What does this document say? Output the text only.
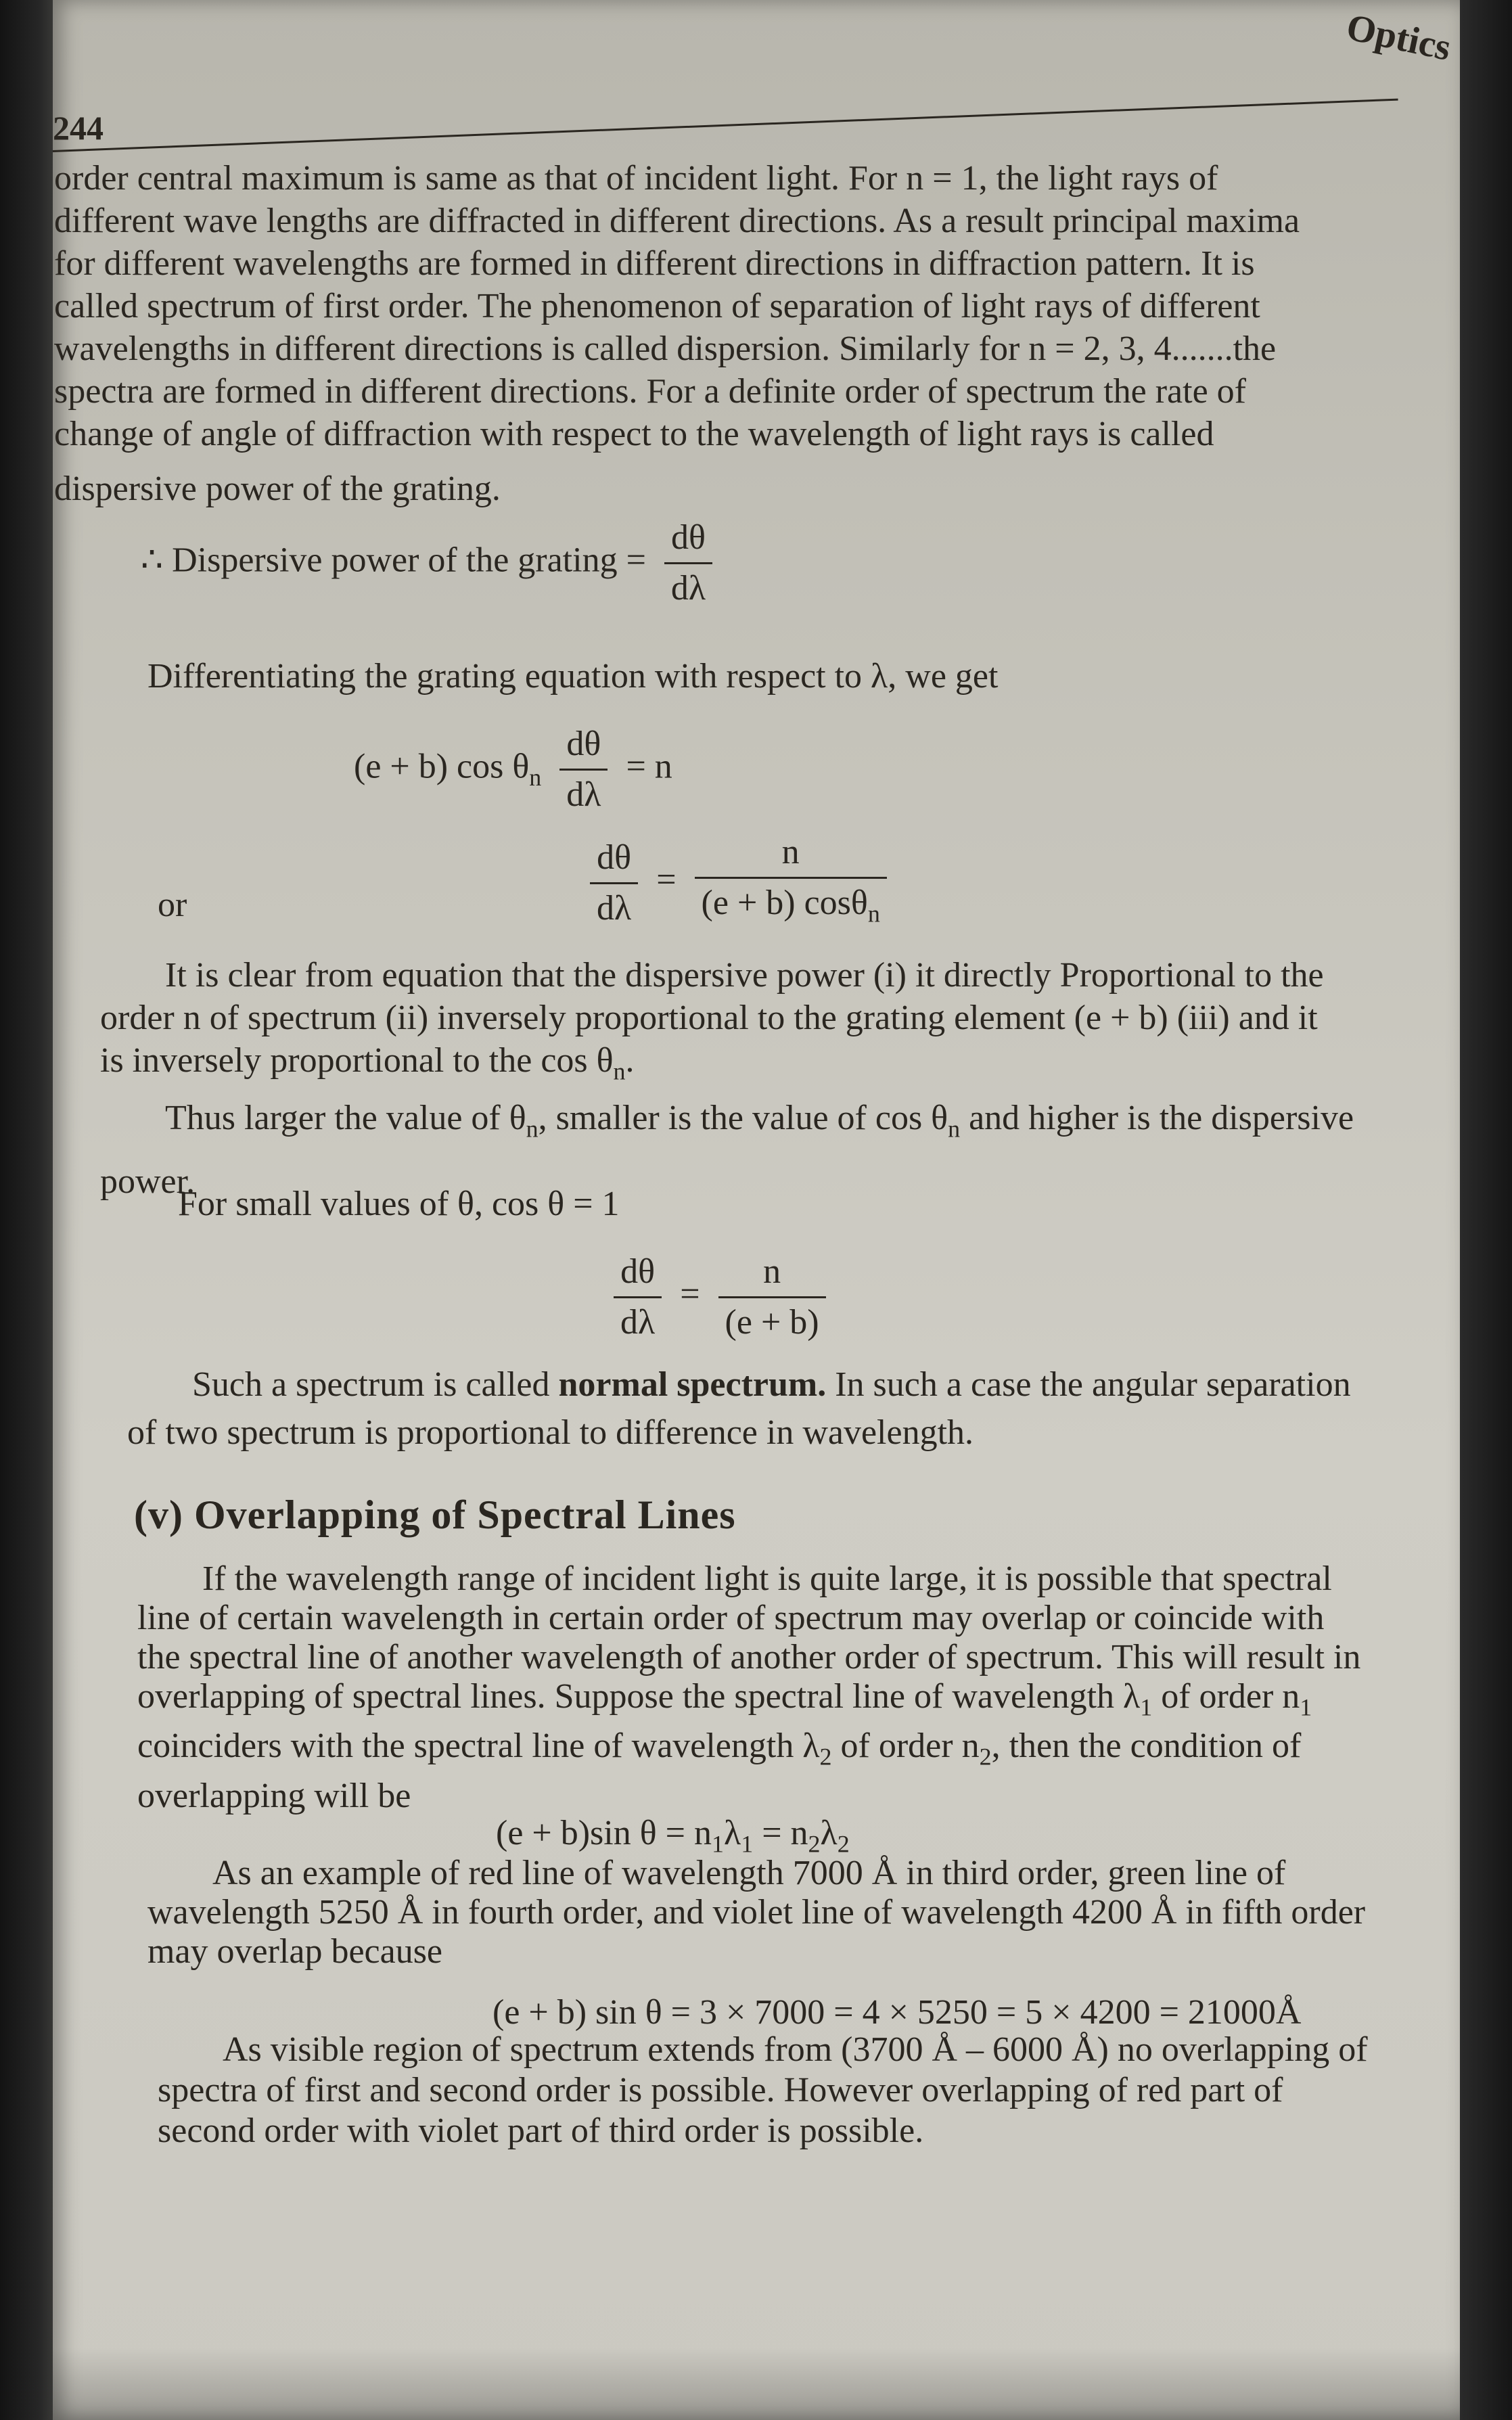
Optics
244

order central maximum is same as that of incident light. For n = 1, the light rays of

different wave lengths are diffracted in different directions. As a result principal maxima

for different wavelengths are formed in different directions in diffraction pattern. It is

called spectrum of first order. The phenomenon of separation of light rays of different

wavelengths in different directions is called dispersion. Similarly for n = 2, 3, 4.......the

spectra are formed in different directions. For a definite order of spectrum the rate of

change of angle of diffraction with respect to the wavelength of light rays is called

dispersive power of the grating.

∴ Dispersive power of the grating = $\frac{d\theta}{d\lambda}$
Differentiating the grating equation with respect to λ, we get
(e + b) $\cos \theta_n \frac{d\theta}{d\lambda} = n$
or	$\frac{d\theta}{d\lambda} = \frac{n}{(e + b) \cos\theta_n}$

It is clear from equation that the dispersive power (i) it directly Proportional to the

order n of spectrum (ii) inversely proportional to the grating element (e + b) (iii) and it

is inversely proportional to the $\cos \theta_n$.

Thus larger the value of $\theta_n$, smaller is the value of $\cos \theta_n$ and higher is the dispersive

power.

For small values of θ, cos θ = 1
$\frac{d\theta}{d\lambda} = \frac{n}{(e + b)}$

Such a spectrum is called normal spectrum. In such a case the angular separation

of two spectrum is proportional to difference in wavelength.

(v) Overlapping of Spectral Lines

If the wavelength range of incident light is quite large, it is possible that spectral

line of certain wavelength in certain order of spectrum may overlap or coincide with

the spectral line of another wavelength of another order of spectrum. This will result in

overlapping of spectral lines. Suppose the spectral line of wavelength $\lambda_1$ of order $n_1$

coinciders with the spectral line of wavelength $\lambda_2$ of order $n_2$, then the condition of

overlapping will be

(e + b)sin $\theta = n_1\lambda_1 = n_2\lambda_2$

As an example of red line of wavelength 7000 Å in third order, green line of

wavelength 5250 Å in fourth order, and violet line of wavelength 4200 Å in fifth order

may overlap because

(e + b) sin θ = 3 × 7000 = 4 × 5250 = 5 × 4200 = 21000Å

As visible region of spectrum extends from (3700 Å – 6000 Å) no overlapping of

spectra of first and second order is possible. However overlapping of red part of

second order with violet part of third order is possible.
